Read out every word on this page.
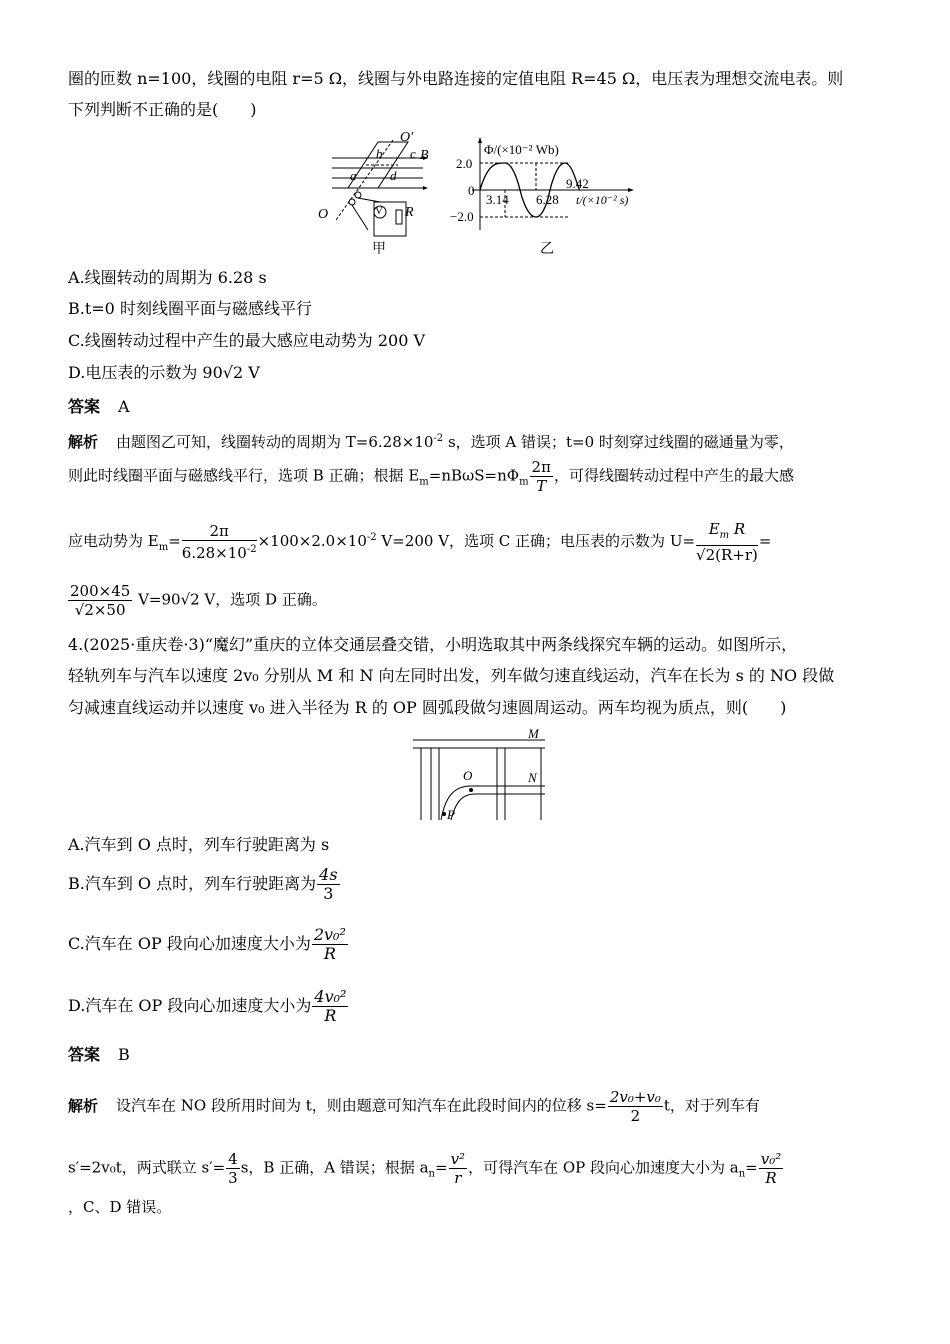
圈的匝数 n=100，线圈的电阻 r=5 Ω，线圈与外电路连接的定值电阻 R=45 Ω，电压表为理想交流电表。则
下列判断不正确的是(　　)
O′
b c B
a	d
O	V R
甲
Φ/(×10⁻² Wb)
2.0
0
−2.0
3.14 6.28
9.42
t/(×10⁻² s)
乙
A.线圈转动的周期为 6.28 s
B.t=0 时刻线圈平面与磁感线平行
C.线圈转动过程中产生的最大感应电动势为 200 V
D.电压表的示数为 90√2 V
答案 A
解析 由题图乙可知，线圈转动的周期为 $T=6.28\times 10^{-2}$ s，选项 A 错误；t=0 时刻穿过线圈的磁通量为零，
则此时线圈平面与磁感线平行，选项 B 正确；根据 $E_m=nB\omega S=n\Phi_m \frac{2\pi}{T}$ ，可得线圈转动过程中产生的最大感
应电动势为 $E_m= \frac{2\pi}{6.28\times 10^{-2}} \times 100\times 2.0\times 10^{-2}$ V=200 V，选项 C 正确；电压表的示数为 $U= \frac{E_m R}{√2(R+r)}$ =
$\frac{200\times 45}{√2\times 50} V=90√2$ V，选项 D 正确。
4.(2025·重庆卷·3)“魔幻”重庆的立体交通层叠交错，小明选取其中两条线探究车辆的运动。如图所示，
轻轨列车与汽车以速度 2v₀ 分别从 M 和 N 向左同时出发，列车做匀速直线运动，汽车在长为 s 的 NO 段做
匀减速直线运动并以速度 v₀ 进入半径为 R 的 OP 圆弧段做匀速圆周运动。两车均视为质点，则(　　)
M
N
O
P
A.汽车到 O 点时，列车行驶距离为 s
B.汽车到 O 点时，列车行驶距离为 $\frac{4s}{3}$
C.汽车在 OP 段向心加速度大小为 $\frac{\text{2v₀²}}{R}$
D.汽车在 OP 段向心加速度大小为 $\frac{\text{4v₀²}}{R}$
答案 B
解析 设汽车在 NO 段所用时间为 t，则由题意可知汽车在此段时间内的位移 $s= \frac{\text{2v₀+v₀}}{2}$ t，对于列车有
s′=2v₀t，两式联立 $s'= \frac{4}{3}$ s，B 正确，A 错误；根据 $a_n= \frac{\text{v²}}{r}$ ，可得汽车在 OP 段向心加速度大小为 $a_n= \frac{\text{v₀²}}{R}$
，C、D 错误。
